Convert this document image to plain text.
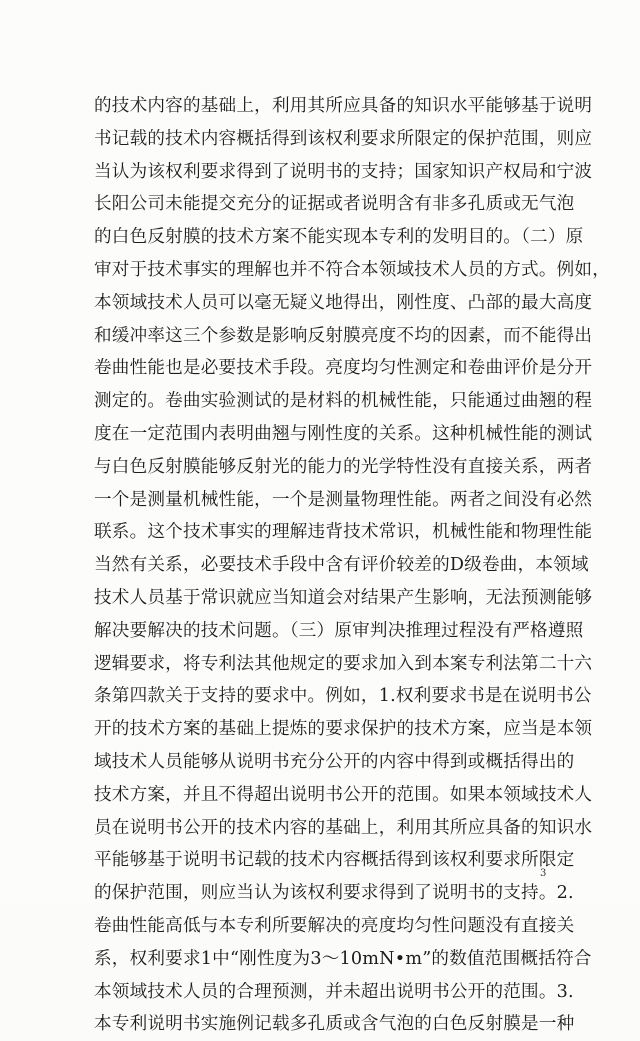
的技术内容的基础上，利用其所应具备的知识水平能够基于说明
书记载的技术内容概括得到该权利要求所限定的保护范围，则应
当认为该权利要求得到了说明书的支持；国家知识产权局和宁波
长阳公司未能提交充分的证据或者说明含有非多孔质或无气泡
的白色反射膜的技术方案不能实现本专利的发明目的。（二）原
审对于技术事实的理解也并不符合本领域技术人员的方式。例如，
本领域技术人员可以毫无疑义地得出，刚性度、凸部的最大高度
和缓冲率这三个参数是影响反射膜亮度不均的因素，而不能得出
卷曲性能也是必要技术手段。亮度均匀性测定和卷曲评价是分开
测定的。卷曲实验测试的是材料的机械性能，只能通过曲翘的程
度在一定范围内表明曲翘与刚性度的关系。这种机械性能的测试
与白色反射膜能够反射光的能力的光学特性没有直接关系，两者
一个是测量机械性能，一个是测量物理性能。两者之间没有必然
联系。这个技术事实的理解违背技术常识，机械性能和物理性能
当然有关系，必要技术手段中含有评价较差的D级卷曲，本领域
技术人员基于常识就应当知道会对结果产生影响，无法预测能够
解决要解决的技术问题。（三）原审判决推理过程没有严格遵照
逻辑要求，将专利法其他规定的要求加入到本案专利法第二十六
条第四款关于支持的要求中。例如，1.权利要求书是在说明书公
开的技术方案的基础上提炼的要求保护的技术方案，应当是本领
域技术人员能够从说明书充分公开的内容中得到或概括得出的
技术方案，并且不得超出说明书公开的范围。如果本领域技术人
员在说明书公开的技术内容的基础上，利用其所应具备的知识水
平能够基于说明书记载的技术内容概括得到该权利要求所限定
的保护范围，则应当认为该权利要求得到了说明书的支持。2.
卷曲性能高低与本专利所要解决的亮度均匀性问题没有直接关
系，权利要求1中“刚性度为3～10mN•m”的数值范围概括符合
本领域技术人员的合理预测，并未超出说明书公开的范围。3.
本专利说明书实施例记载多孔质或含气泡的白色反射膜是一种
3
